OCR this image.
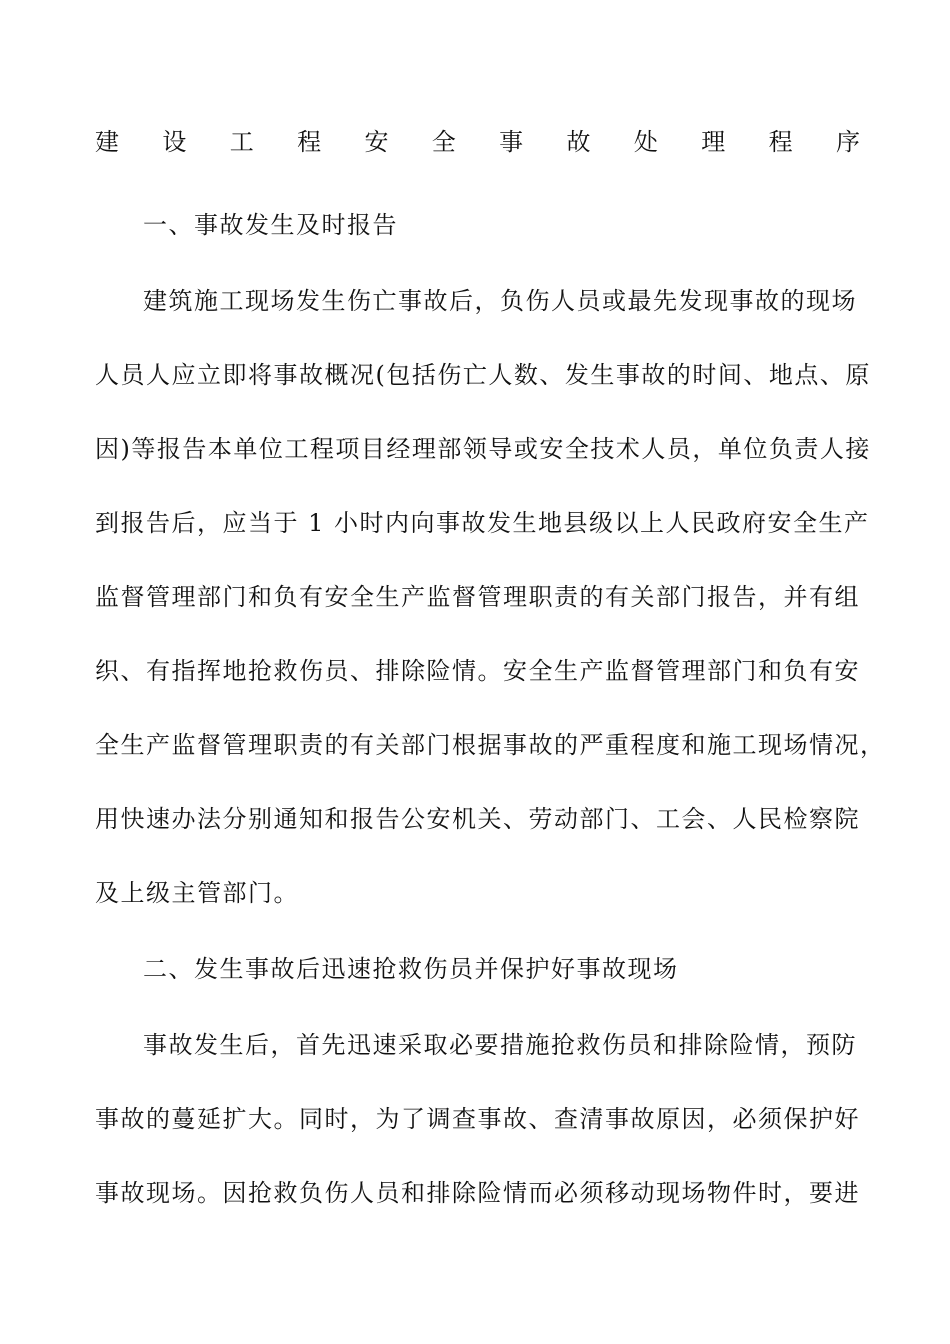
建 设 工 程 安 全 事 故 处 理 程 序
一、事故发生及时报告
建筑施工现场发生伤亡事故后，负伤人员或最先发现事故的现场
人员人应立即将事故概况(包括伤亡人数、发生事故的时间、地点、原
因)等报告本单位工程项目经理部领导或安全技术人员，单位负责人接
到报告后，应当于 1 小时内向事故发生地县级以上人民政府安全生产
监督管理部门和负有安全生产监督管理职责的有关部门报告，并有组
织、有指挥地抢救伤员、排除险情。安全生产监督管理部门和负有安
全生产监督管理职责的有关部门根据事故的严重程度和施工现场情况，
用快速办法分别通知和报告公安机关、劳动部门、工会、人民检察院
及上级主管部门。
二、发生事故后迅速抢救伤员并保护好事故现场
事故发生后，首先迅速采取必要措施抢救伤员和排除险情，预防
事故的蔓延扩大。同时，为了调查事故、查清事故原因，必须保护好
事故现场。因抢救负伤人员和排除险情而必须移动现场物件时，要进
